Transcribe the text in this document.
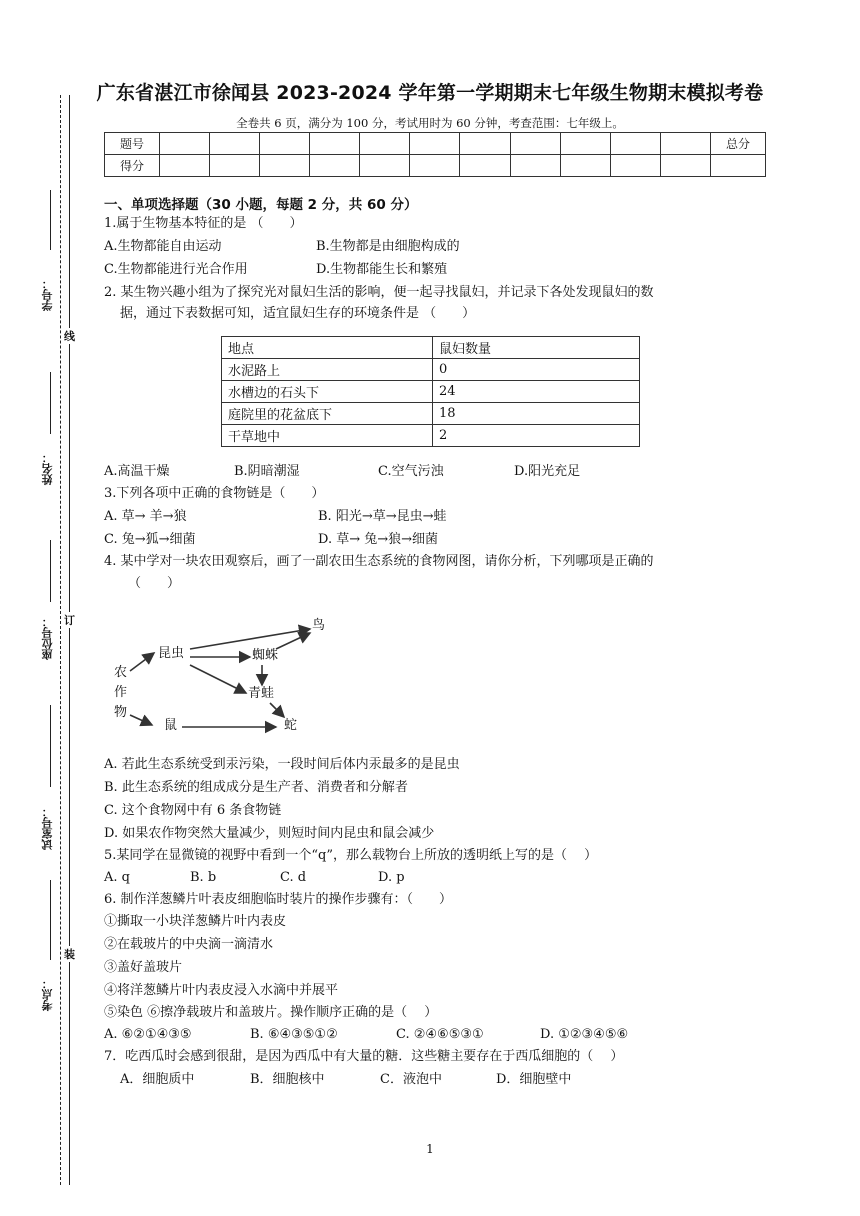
学号：
线
姓名：
座位号： 订
试室号：
装
考点：
广东省湛江市徐闻县 2023-2024 学年第一学期期末七年级生物期末模拟考卷
全卷共 6 页，满分为 100 分，考试用时为 60 分钟，考查范围：七年级上。
题号												总分
得分												
一、单项选择题（30 小题，每题 2 分，共 60 分）
1.属于生物基本特征的是 （　　）
A.生物都能自由运动	B.生物都是由细胞构成的
C.生物都能进行光合作用	D.生物都能生长和繁殖
2. 某生物兴趣小组为了探究光对鼠妇生活的影响，便一起寻找鼠妇，并记录下各处发现鼠妇的数
据，通过下表数据可知，适宜鼠妇生存的环境条件是 （　　）
地点	鼠妇数量
水泥路上	0
水槽边的石头下	24
庭院里的花盆底下	18
干草地中	2
A.高温干燥	B.阴暗潮湿	C.空气污浊	D.阳光充足
3.下列各项中正确的食物链是（　　）
A. 草→ 羊→狼	B. 阳光→草→昆虫→蛙
C. 兔→狐→细菌	D. 草→ 兔→狼→细菌
4. 某中学对一块农田观察后，画了一副农田生态系统的食物网图，请你分析，下列哪项是正确的
（　　）
农
作
物
昆虫
鸟
蜘蛛
青蛙
鼠	蛇
A. 若此生态系统受到汞污染，一段时间后体内汞最多的是昆虫
B. 此生态系统的组成成分是生产者、消费者和分解者
C. 这个食物网中有 6 条食物链
D. 如果农作物突然大量减少，则短时间内昆虫和鼠会减少
5.某同学在显微镜的视野中看到一个“q”，那么载物台上所放的透明纸上写的是（　 ）
A. q	B. b	C. d	D. p
6. 制作洋葱鳞片叶表皮细胞临时装片的操作步骤有：（　　）
①撕取一小块洋葱鳞片叶内表皮
②在载玻片的中央滴一滴清水
③盖好盖玻片
④将洋葱鳞片叶内表皮浸入水滴中并展平
⑤染色 ⑥擦净载玻片和盖玻片。操作顺序正确的是（　 ）
A. ⑥②①④③⑤	B. ⑥④③⑤①②	C. ②④⑥⑤③①	D. ①②③④⑤⑥
7．吃西瓜时会感到很甜，是因为西瓜中有大量的糖．这些糖主要存在于西瓜细胞的（　 ）
A．细胞质中	B．细胞核中	C．液泡中	D．细胞壁中
1
